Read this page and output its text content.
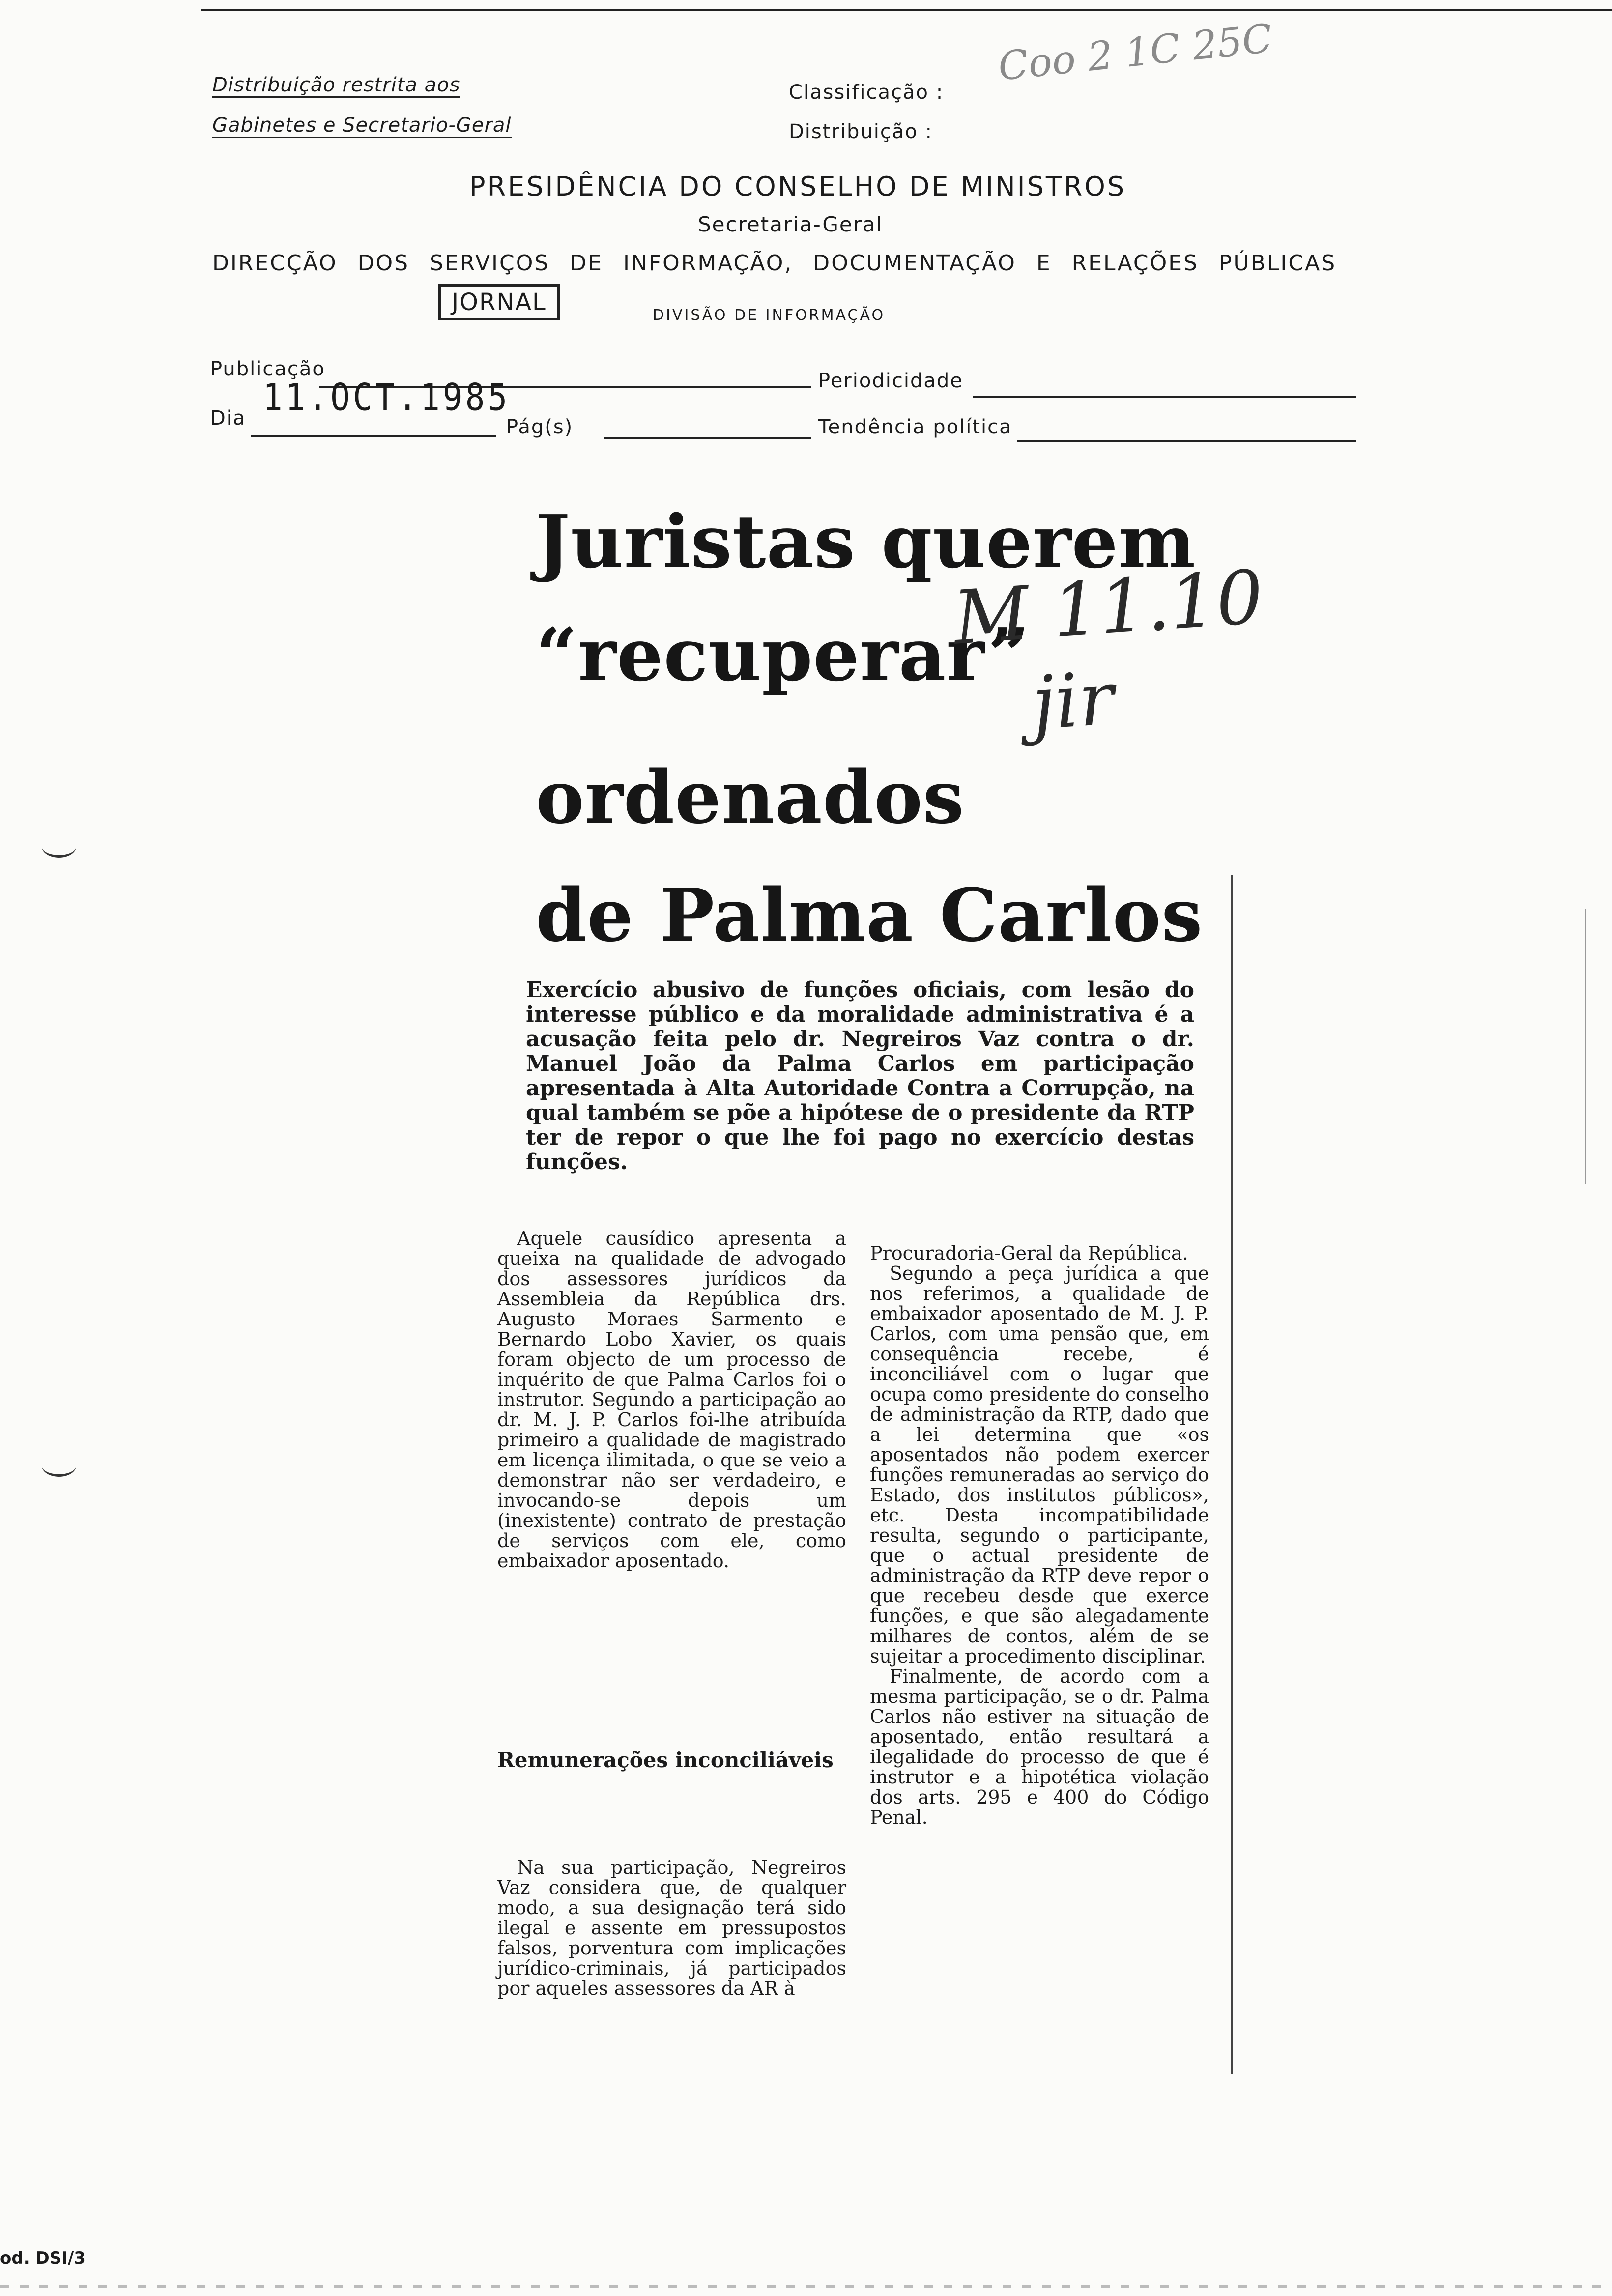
Distribuição restrita aos
Gabinetes e Secretario-Geral
Classificação :
Distribuição :
Coo 2 1C 25C
PRESIDÊNCIA DO CONSELHO DE MINISTROS
Secretaria-Geral
DIRECÇÃO DOS SERVIÇOS DE INFORMAÇÃO, DOCUMENTAÇÃO E RELAÇÕES PÚBLICAS
JORNAL	DIVISÃO DE INFORMAÇÃO
Publicação
Periodicidade
Dia 11.OCT.1985
Pág(s)	Tendência política
Juristas querem
“recuperar”
ordenados
de Palma Carlos
M 11.10
jir
Exercício abusivo de funções oficiais, com lesão do interesse público e da moralidade administrativa é a acusação feita pelo dr. Negreiros Vaz contra o dr. Manuel João da Palma Carlos em participação apresentada à Alta Autoridade Contra a Corrupção, na qual também se põe a hipótese de o presidente da RTP ter de repor o que lhe foi pago no exercício destas funções.

Aquele causídico apresenta a queixa na qualidade de advogado dos assessores jurídicos da Assembleia da República drs. Augusto Moraes Sarmento e Bernardo Lobo Xavier, os quais foram objecto de um processo de inquérito de que Palma Carlos foi o instrutor. Segundo a participação ao dr. M. J. P. Carlos foi-lhe atribuída primeiro a qualidade de magistrado em licença ilimitada, o que se veio a demonstrar não ser verdadeiro, e invocando-se depois um (inexistente) contrato de prestação de serviços com ele, como embaixador aposentado.

Remunerações inconciliáveis

Na sua participação, Negreiros Vaz considera que, de qualquer modo, a sua designação terá sido ilegal e assente em pressupostos falsos, porventura com implicações jurídico-criminais, já participados por aqueles assessores da AR à

Procuradoria-Geral da República.

Segundo a peça jurídica a que nos referimos, a qualidade de embaixador aposentado de M. J. P. Carlos, com uma pensão que, em consequência recebe, é inconciliável com o lugar que ocupa como presidente do conselho de administração da RTP, dado que a lei determina que «os aposentados não podem exercer funções remuneradas ao serviço do Estado, dos institutos públicos», etc. Desta incompatibilidade resulta, segundo o participante, que o actual presidente de administração da RTP deve repor o que recebeu desde que exerce funções, e que são alegadamente milhares de contos, além de se sujeitar a procedimento disciplinar.

Finalmente, de acordo com a mesma participação, se o dr. Palma Carlos não estiver na situação de aposentado, então resultará a ilegalidade do processo de que é instrutor e a hipotética violação dos arts. 295 e 400 do Código Penal.

od. DSI/3
